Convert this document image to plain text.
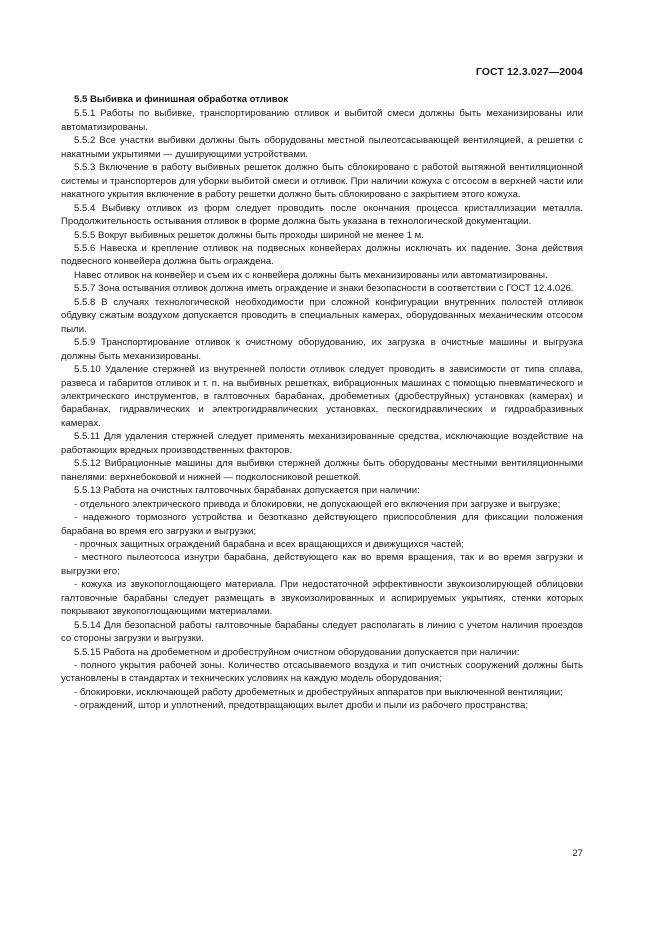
ГОСТ 12.3.027—2004
5.5 Выбивка и финишная обработка отливок

5.5.1 Работы по выбивке, транспортированию отливок и выбитой смеси должны быть механизированы или автоматизированы.

5.5.2 Все участки выбивки должны быть оборудованы местной пылеотсасывающей вентиляцией, а решетки с накатными укрытиями — душирующими устройствами.

5.5.3 Включение в работу выбивных решеток должно быть сблокировано с работой вытяжной вентиляционной системы и транспортеров для уборки выбитой смеси и отливок. При наличии кожуха с отсосом в верхней части или накатного укрытия включение в работу решетки должно быть сблокировано с закрытием этого кожуха.

5.5.4 Выбивку отливок из форм следует проводить после окончания процесса кристаллизации металла. Продолжительность остывания отливок в форме должна быть указана в технологической документации.

5.5.5 Вокруг выбивных решеток должны быть проходы шириной не менее 1 м.

5.5.6 Навеска и крепление отливок на подвесных конвейерах должны исключать их падение. Зона действия подвесного конвейера должна быть ограждена.

Навес отливок на конвейер и съем их с конвейера должны быть механизированы или автоматизированы.

5.5.7 Зона остывания отливок должна иметь ограждение и знаки безопасности в соответствии с ГОСТ 12.4.026.

5.5.8 В случаях технологической необходимости при сложной конфигурации внутренних полостей отливок обдувку сжатым воздухом допускается проводить в специальных камерах, оборудованных механическим отсосом пыли.

5.5.9 Транспортирование отливок к очистному оборудованию, их загрузка в очистные машины и выгрузка должны быть механизированы.

5.5.10 Удаление стержней из внутренней полости отливок следует проводить в зависимости от типа сплава, развеса и габаритов отливок и т. п. на выбивных решетках, вибрационных машинах с помощью пневматического и электрического инструментов, в галтовочных барабанах, дробеметных (дробеструйных) установках (камерах) и барабанах, гидравлических и электрогидравлических установках, пескогидравлических и гидроабразивных камерах.

5.5.11 Для удаления стержней следует применять механизированные средства, исключающие воздействие на работающих вредных производственных факторов.

5.5.12 Вибрационные машины для выбивки стержней должны быть оборудованы местными вентиляционными панелями: верхнебоковой и нижней — подколосниковой решеткой.

5.5.13 Работа на очистных галтовочных барабанах допускается при наличии:

- отдельного электрического привода и блокировки, не допускающей его включения при загрузке и выгрузке;

- надежного тормозного устройства и безотказно действующего приспособления для фиксации положения барабана во время его загрузки и выгрузки;

- прочных защитных ограждений барабана и всех вращающихся и движущихся частей;

- местного пылеотсоса изнутри барабана, действующего как во время вращения, так и во время загрузки и выгрузки его;

- кожуха из звукопоглощающего материала. При недостаточной эффективности звукоизолирующей облицовки галтовочные барабаны следует размещать в звукоизолированных и аспирируемых укрытиях, стенки которых покрывают звукопоглощающими материалами.

5.5.14 Для безопасной работы галтовочные барабаны следует располагать в линию с учетом наличия проездов со стороны загрузки и выгрузки.

5.5.15 Работа на дробеметном и дробеструйном очистном оборудовании допускается при наличии:

- полного укрытия рабочей зоны. Количество отсасываемого воздуха и тип очистных сооружений должны быть установлены в стандартах и технических условиях на каждую модель оборудования;

- блокировки, исключающей работу дробеметных и дробеструйных аппаратов при выключенной вентиляции;

- ограждений, штор и уплотнений, предотвращающих вылет дроби и пыли из рабочего пространства;

27
